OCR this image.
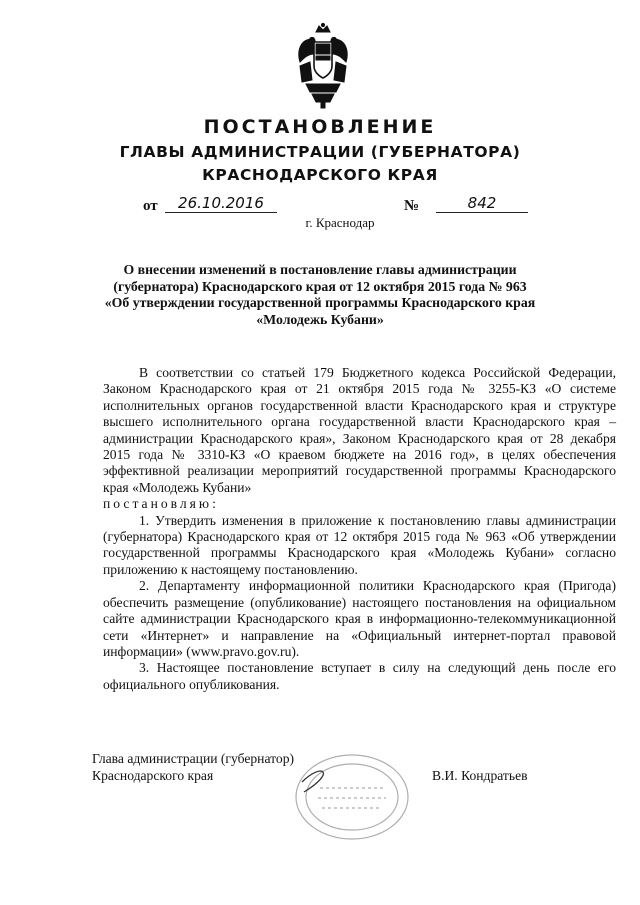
ПОСТАНОВЛЕНИЕ
ГЛАВЫ АДМИНИСТРАЦИИ (ГУБЕРНАТОРА)
КРАСНОДАРСКОГО КРАЯ
от	26.10.2016	№	842
г. Краснодар
О внесении изменений в постановление главы администрации
(губернатора) Краснодарского края от 12 октября 2015 года № 963
«Об утверждении государственной программы Краснодарского края
«Молодежь Кубани»

В соответствии со статьей 179 Бюджетного кодекса Российской Федерации, Законом Краснодарского края от 21 октября 2015 года № 3255-КЗ «О системе исполнительных органов государственной власти Краснодарского края и структуре высшего исполнительного органа государственной власти Краснодарского края – администрации Краснодарского края», Законом Краснодарского края от 28 декабря 2015 года № 3310-КЗ «О краевом бюджете на 2016 год», в целях обеспечения эффективной реализации мероприятий государственной программы Краснодарского края «Молодежь Кубани»

постановляю:

1. Утвердить изменения в приложение к постановлению главы администрации (губернатора) Краснодарского края от 12 октября 2015 года № 963 «Об утверждении государственной программы Краснодарского края «Молодежь Кубани» согласно приложению к настоящему постановлению.

2. Департаменту информационной политики Краснодарского края (Пригода) обеспечить размещение (опубликование) настоящего постановления на официальном сайте администрации Краснодарского края в информационно-телекоммуникационной сети «Интернет» и направление на «Официальный интернет-портал правовой информации» (www.pravo.gov.ru).

3. Настоящее постановление вступает в силу на следующий день после его официального опубликования.

Глава администрации (губернатор)
Краснодарского края	В.И. Кондратьев
